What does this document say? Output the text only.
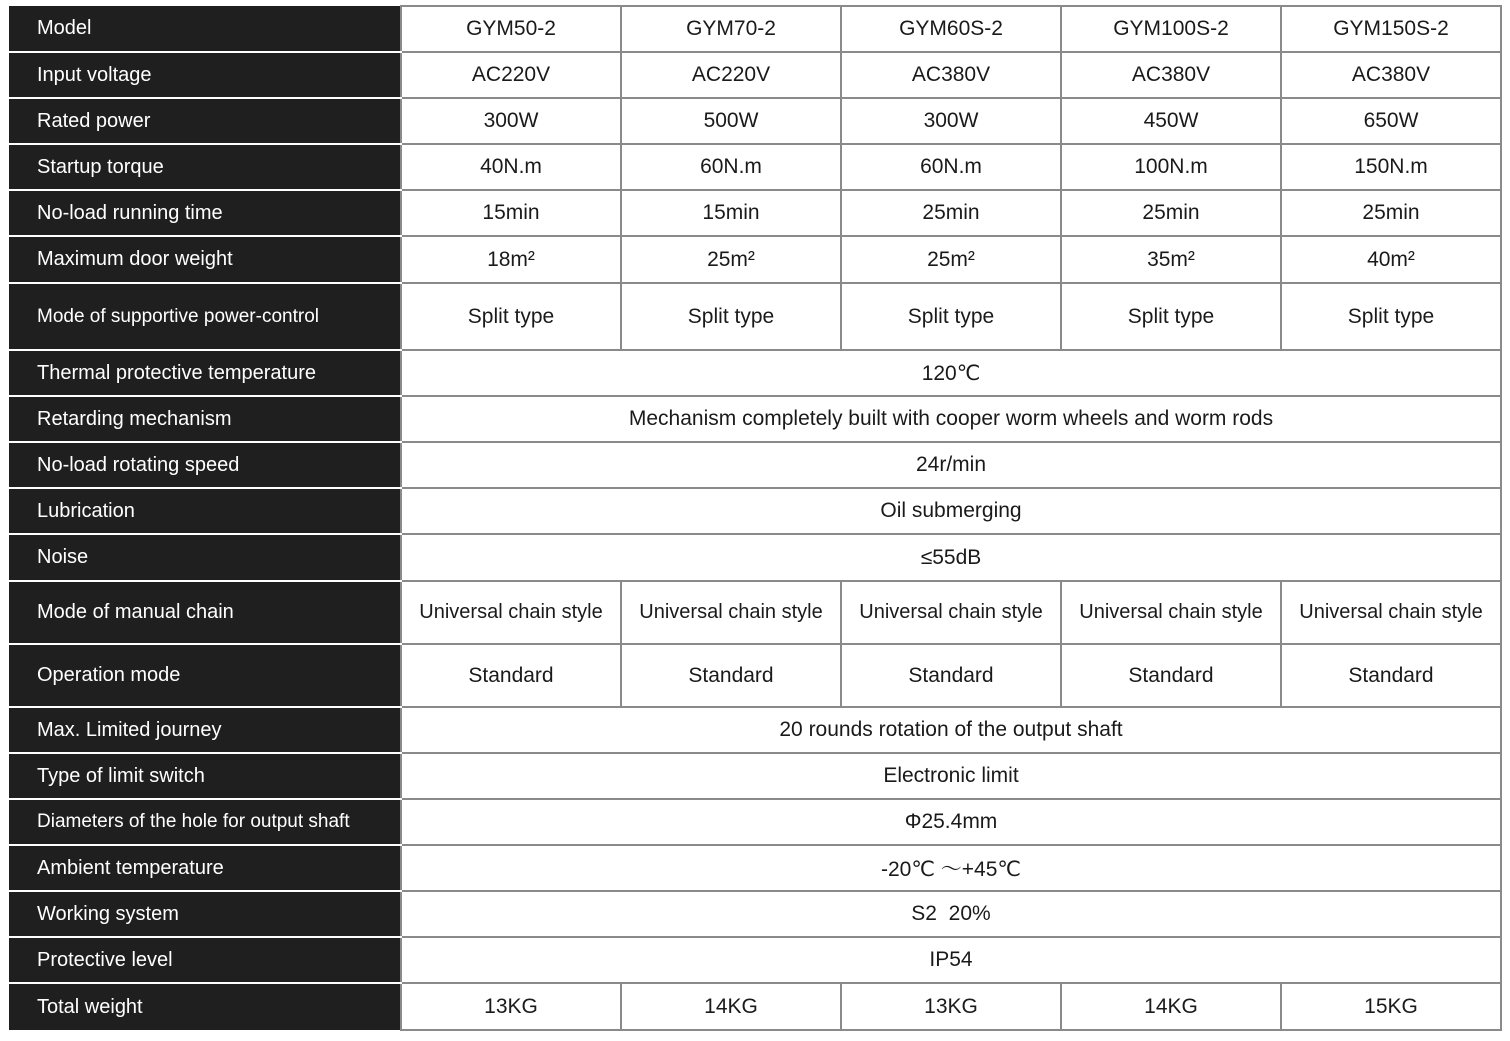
Model	GYM50-2	GYM70-2	GYM60S-2	GYM100S-2	GYM150S-2
Input voltage	AC220V	AC220V	AC380V	AC380V	AC380V
Rated power	300W	500W	300W	450W	650W
Startup torque	40N.m	60N.m	60N.m	100N.m	150N.m
No-load running time	15min	15min	25min	25min	25min
Maximum door weight	18m²	25m²	25m²	35m²	40m²
Mode of supportive power-control	Split type	Split type	Split type	Split type	Split type
Thermal protective temperature	120℃				
Retarding mechanism	Mechanism completely built with cooper worm wheels and worm rods				
No-load rotating speed	24r/min				
Lubrication	Oil submerging				
Noise	≤55dB				
Mode of manual chain	Universal chain style	Universal chain style	Universal chain style	Universal chain style	Universal chain style
Operation mode	Standard	Standard	Standard	Standard	Standard
Max. Limited journey	20 rounds rotation of the output shaft				
Type of limit switch	Electronic limit				
Diameters of the hole for output shaft	Φ25.4mm				
Ambient temperature	-20℃ ～+45℃				
Working system	S2  20%				
Protective level	IP54				
Total weight	13KG	14KG	13KG	14KG	15KG
